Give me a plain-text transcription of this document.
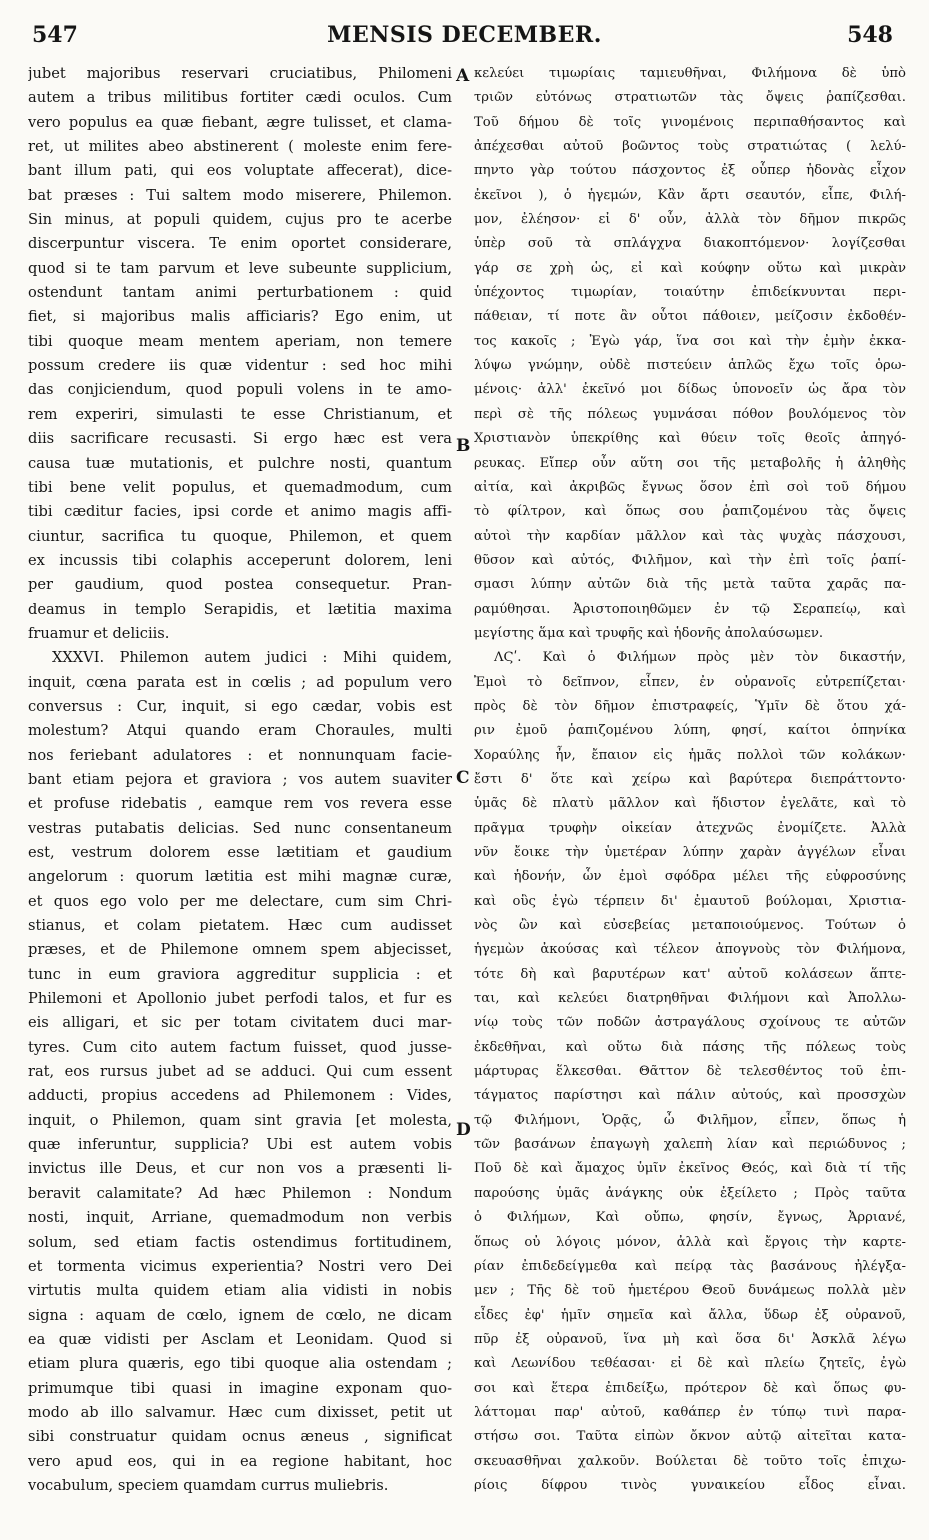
547	MENSIS DECEMBER.	548
jubet majoribus reservari cruciatibus, Philomeni
autem a tribus militibus fortiter cædi oculos. Cum
vero populus ea quæ fiebant, ægre tulisset, et clama-
ret, ut milites abeo abstinerent ( moleste enim fere-
bant illum pati, qui eos voluptate affecerat), dice-
bat præses : Tui saltem modo miserere, Philemon.
Sin minus, at populi quidem, cujus pro te acerbe
discerpuntur viscera. Te enim oportet considerare,
quod si te tam parvum et leve subeunte supplicium,
ostendunt tantam animi perturbationem : quid
fiet, si majoribus malis afficiaris? Ego enim, ut
tibi quoque meam mentem aperiam, non temere
possum credere iis quæ videntur : sed hoc mihi
das conjiciendum, quod populi volens in te amo-
rem experiri, simulasti te esse Christianum, et
diis sacrificare recusasti. Si ergo hæc est vera
causa tuæ mutationis, et pulchre nosti, quantum
tibi bene velit populus, et quemadmodum, cum
tibi cæditur facies, ipsi corde et animo magis affi-
ciuntur, sacrifica tu quoque, Philemon, et quem
ex incussis tibi colaphis acceperunt dolorem, leni
per gaudium, quod postea consequetur. Pran-
deamus in templo Serapidis, et lætitia maxima
fruamur et deliciis.
XXXVI. Philemon autem judici : Mihi quidem,
inquit, cœna parata est in cœlis ; ad populum vero
conversus : Cur, inquit, si ego cædar, vobis est
molestum? Atqui quando eram Choraules, multi
nos feriebant adulatores : et nonnunquam facie-
bant etiam pejora et graviora ; vos autem suaviter
et profuse ridebatis , eamque rem vos revera esse
vestras putabatis delicias. Sed nunc consentaneum
est, vestrum dolorem esse lætitiam et gaudium
angelorum : quorum lætitia est mihi magnæ curæ,
et quos ego volo per me delectare, cum sim Chri-
stianus, et colam pietatem. Hæc cum audisset
præses, et de Philemone omnem spem abjecisset,
tunc in eum graviora aggreditur supplicia : et
Philemoni et Apollonio jubet perfodi talos, et fur es
eis alligari, et sic per totam civitatem duci mar-
tyres. Cum cito autem factum fuisset, quod jusse-
rat, eos rursus jubet ad se adduci. Qui cum essent
adducti, propius accedens ad Philemonem : Vides,
inquit, o Philemon, quam sint gravia [et molesta,
quæ inferuntur, supplicia? Ubi est autem vobis
invictus ille Deus, et cur non vos a præsenti li-
beravit calamitate? Ad hæc Philemon : Nondum
nosti, inquit, Arriane, quemadmodum non verbis
solum, sed etiam factis ostendimus fortitudinem,
et tormenta vicimus experientia? Nostri vero Dei
virtutis multa quidem etiam alia vidisti in nobis
signa : aquam de cœlo, ignem de cœlo, ne dicam
ea quæ vidisti per Asclam et Leonidam. Quod si
etiam plura quæris, ego tibi quoque alia ostendam ;
primumque tibi quasi in imagine exponam quo-
modo ab illo salvamur. Hæc cum dixisset, petit ut
sibi construatur quidam ocnus æneus , significat
vero apud eos, qui in ea regione habitant, hoc
vocabulum, speciem quamdam currus muliebris.
κελεύει τιμωρίαις ταμιευθῆναι, Φιλήμονα δὲ ὑπὸ
τριῶν εὐτόνως στρατιωτῶν τὰς ὄψεις ῥαπίζεσθαι.
Τοῦ δήμου δὲ τοῖς γινομένοις περιπαθήσαντος καὶ
ἀπέχεσθαι αὐτοῦ βοῶντος τοὺς στρατιώτας ( λελύ-
πηντο γὰρ τούτου πάσχοντος ἐξ οὗπερ ἡδονὰς εἶχον
ἐκεῖνοι ), ὁ ἡγεμών, Κἂν ἄρτι σεαυτόν, εἶπε, Φιλή-
μον, ἐλέησον· εἰ δ' οὖν, ἀλλὰ τὸν δῆμον πικρῶς
ὑπὲρ σοῦ τὰ σπλάγχνα διακοπτόμενον· λογίζεσθαι
γάρ σε χρὴ ὡς, εἰ καὶ κούφην οὕτω καὶ μικρὰν
ὑπέχοντος τιμωρίαν, τοιαύτην ἐπιδείκνυνται περι-
πάθειαν, τί ποτε ἂν οὗτοι πάθοιεν, μείζοσιν ἐκδοθέν-
τος κακοῖς ; Ἐγὼ γάρ, ἵνα σοι καὶ τὴν ἐμὴν ἐκκα-
λύψω γνώμην, οὐδὲ πιστεύειν ἁπλῶς ἔχω τοῖς ὁρω-
μένοις· ἀλλ' ἐκεῖνό μοι δίδως ὑπονοεῖν ὡς ἄρα τὸν
περὶ σὲ τῆς πόλεως γυμνάσαι πόθον βουλόμενος τὸν
Χριστιανὸν ὑπεκρίθης καὶ θύειν τοῖς θεοῖς ἀπηγό-
ρευκας. Εἴπερ οὖν αὕτη σοι τῆς μεταβολῆς ἡ ἀληθὴς
αἰτία, καὶ ἀκριβῶς ἔγνως ὅσον ἐπὶ σοὶ τοῦ δήμου
τὸ φίλτρον, καὶ ὅπως σου ῥαπιζομένου τὰς ὄψεις
αὐτοὶ τὴν καρδίαν μᾶλλον καὶ τὰς ψυχὰς πάσχουσι,
θῦσον καὶ αὐτός, Φιλῆμον, καὶ τὴν ἐπὶ τοῖς ῥαπί-
σμασι λύπην αὐτῶν διὰ τῆς μετὰ ταῦτα χαρᾶς πα-
ραμύθησαι. Ἀριστοποιηθῶμεν ἐν τῷ Σεραπείῳ, καὶ
μεγίστης ἅμα καὶ τρυφῆς καὶ ἡδονῆς ἀπολαύσωμεν.
ΛϚʹ. Καὶ ὁ Φιλήμων πρὸς μὲν τὸν δικαστήν,
Ἐμοὶ τὸ δεῖπνον, εἶπεν, ἐν οὐρανοῖς εὐτρεπίζεται·
πρὸς δὲ τὸν δῆμον ἐπιστραφείς, Ὑμῖν δὲ ὅτου χά-
ριν ἐμοῦ ῥαπιζομένου λύπη, φησί, καίτοι ὁπηνίκα
Χοραύλης ἦν, ἔπαιον εἰς ἡμᾶς πολλοὶ τῶν κολάκων·
ἔστι δ' ὅτε καὶ χείρω καὶ βαρύτερα διεπράττοντο·
ὑμᾶς δὲ πλατὺ μᾶλλον καὶ ἥδιστον ἐγελᾶτε, καὶ τὸ
πρᾶγμα τρυφὴν οἰκείαν ἀτεχνῶς ἐνομίζετε. Ἀλλὰ
νῦν ἔοικε τὴν ὑμετέραν λύπην χαρὰν ἀγγέλων εἶναι
καὶ ἡδονήν, ὧν ἐμοὶ σφόδρα μέλει τῆς εὐφροσύνης
καὶ οὓς ἐγὼ τέρπειν δι' ἐμαυτοῦ βούλομαι, Χριστια-
νὸς ὢν καὶ εὐσεβείας μεταποιούμενος. Τούτων ὁ
ἡγεμὼν ἀκούσας καὶ τέλεον ἀπογνοὺς τὸν Φιλήμονα,
τότε δὴ καὶ βαρυτέρων κατ' αὐτοῦ κολάσεων ἅπτε-
ται, καὶ κελεύει διατρηθῆναι Φιλήμονι καὶ Ἀπολλω-
νίῳ τοὺς τῶν ποδῶν ἀστραγάλους σχοίνους τε αὐτῶν
ἐκδεθῆναι, καὶ οὕτω διὰ πάσης τῆς πόλεως τοὺς
μάρτυρας ἕλκεσθαι. Θᾶττον δὲ τελεσθέντος τοῦ ἐπι-
τάγματος παρίστησι καὶ πάλιν αὐτούς, καὶ προσσχὼν
τῷ Φιλήμονι, Ὁρᾷς, ὦ Φιλῆμον, εἶπεν, ὅπως ἡ
τῶν βασάνων ἐπαγωγὴ χαλεπὴ λίαν καὶ περιώδυνος ;
Ποῦ δὲ καὶ ἄμαχος ὑμῖν ἐκεῖνος Θεός, καὶ διὰ τί τῆς
παρούσης ὑμᾶς ἀνάγκης οὐκ ἐξείλετο ; Πρὸς ταῦτα
ὁ Φιλήμων, Καὶ οὔπω, φησίν, ἔγνως, Ἀρριανέ,
ὅπως οὐ λόγοις μόνον, ἀλλὰ καὶ ἔργοις τὴν καρτε-
ρίαν ἐπιδεδείγμεθα καὶ πείρᾳ τὰς βασάνους ἠλέγξα-
μεν ; Τῆς δὲ τοῦ ἡμετέρου Θεοῦ δυνάμεως πολλὰ μὲν
εἶδες ἐφ' ἡμῖν σημεῖα καὶ ἄλλα, ὕδωρ ἐξ οὐρανοῦ,
πῦρ ἐξ οὐρανοῦ, ἵνα μὴ καὶ ὅσα δι' Ἀσκλᾶ λέγω
καὶ Λεωνίδου τεθέασαι· εἰ δὲ καὶ πλείω ζητεῖς, ἐγὼ
σοι καὶ ἕτερα ἐπιδείξω, πρότερον δὲ καὶ ὅπως φυ-
λάττομαι παρ' αὐτοῦ, καθάπερ ἐν τύπῳ τινὶ παρα-
στήσω σοι. Ταῦτα εἰπὼν ὄκνον αὐτῷ αἰτεῖται κατα-
σκευασθῆναι χαλκοῦν. Βούλεται δὲ τοῦτο τοῖς ἐπιχω-
ρίοις δίφρου τινὸς γυναικείου εἶδος εἶναι.
A
B
C
D
